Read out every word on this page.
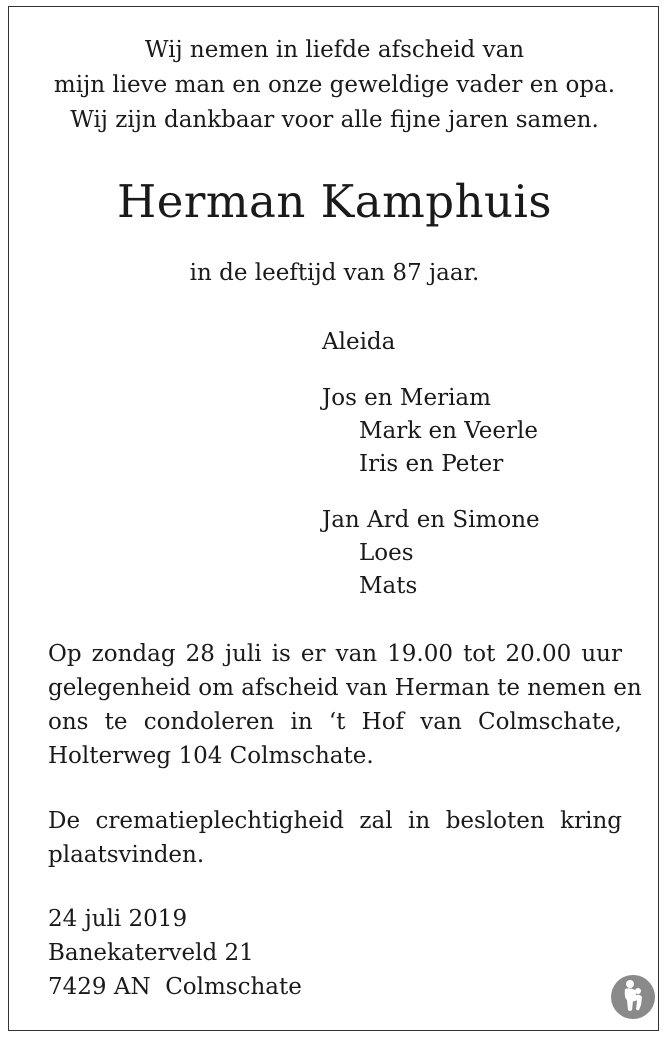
Wij nemen in liefde afscheid van
mijn lieve man en onze geweldige vader en opa.
Wij zijn dankbaar voor alle fijne jaren samen.
Herman Kamphuis
in de leeftijd van 87 jaar.
Aleida
Jos en Meriam
Mark en Veerle
Iris en Peter
Jan Ard en Simone
Loes
Mats
Op zondag 28 juli is er van 19.00 tot 20.00 uur
gelegenheid om afscheid van Herman te nemen en
ons te condoleren in ‘t Hof van Colmschate,
Holterweg 104 Colmschate.
De crematieplechtigheid zal in besloten kring
plaatsvinden.
24 juli 2019
Banekaterveld 21
7429 AN  Colmschate
